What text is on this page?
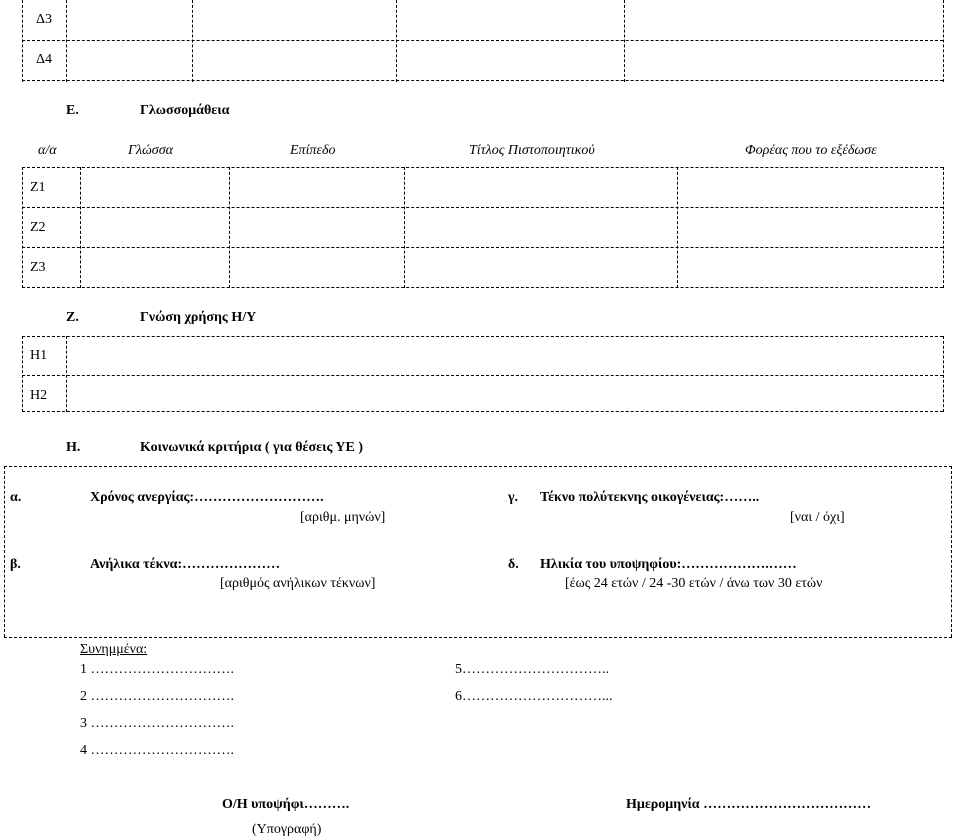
Δ3
Δ4
Ε.	Γλωσσομάθεια
α/α	Γλώσσα	Επίπεδο	Τίτλος Πιστοποιητικού	Φορέας που το εξέδωσε
Ζ1
Ζ2
Ζ3
Ζ.	Γνώση χρήσης Η/Υ
Η1
Η2
Η.	Κοινωνικά κριτήρια ( για θέσεις ΥΕ )
α.	Χρόνος ανεργίας:……………………….
[αριθμ. μηνών]
γ. Τέκνο πολύτεκνης οικογένειας:……..
[ναι / όχι]
β.	Ανήλικα τέκνα:…………………
[αριθμός ανήλικων τέκνων]
δ. Ηλικία του υποψηφίου:……………….……
[έως 24 ετών / 24 -30 ετών / άνω των 30 ετών
Συνημμένα:
1 ………………………….
2 ………………………….
3 ………………………….
4 ………………………….
5…………………………..
6…………………………...
Ο/Η υποψήφι……….
(Υπογραφή)
Ημερομηνία ………………………………
